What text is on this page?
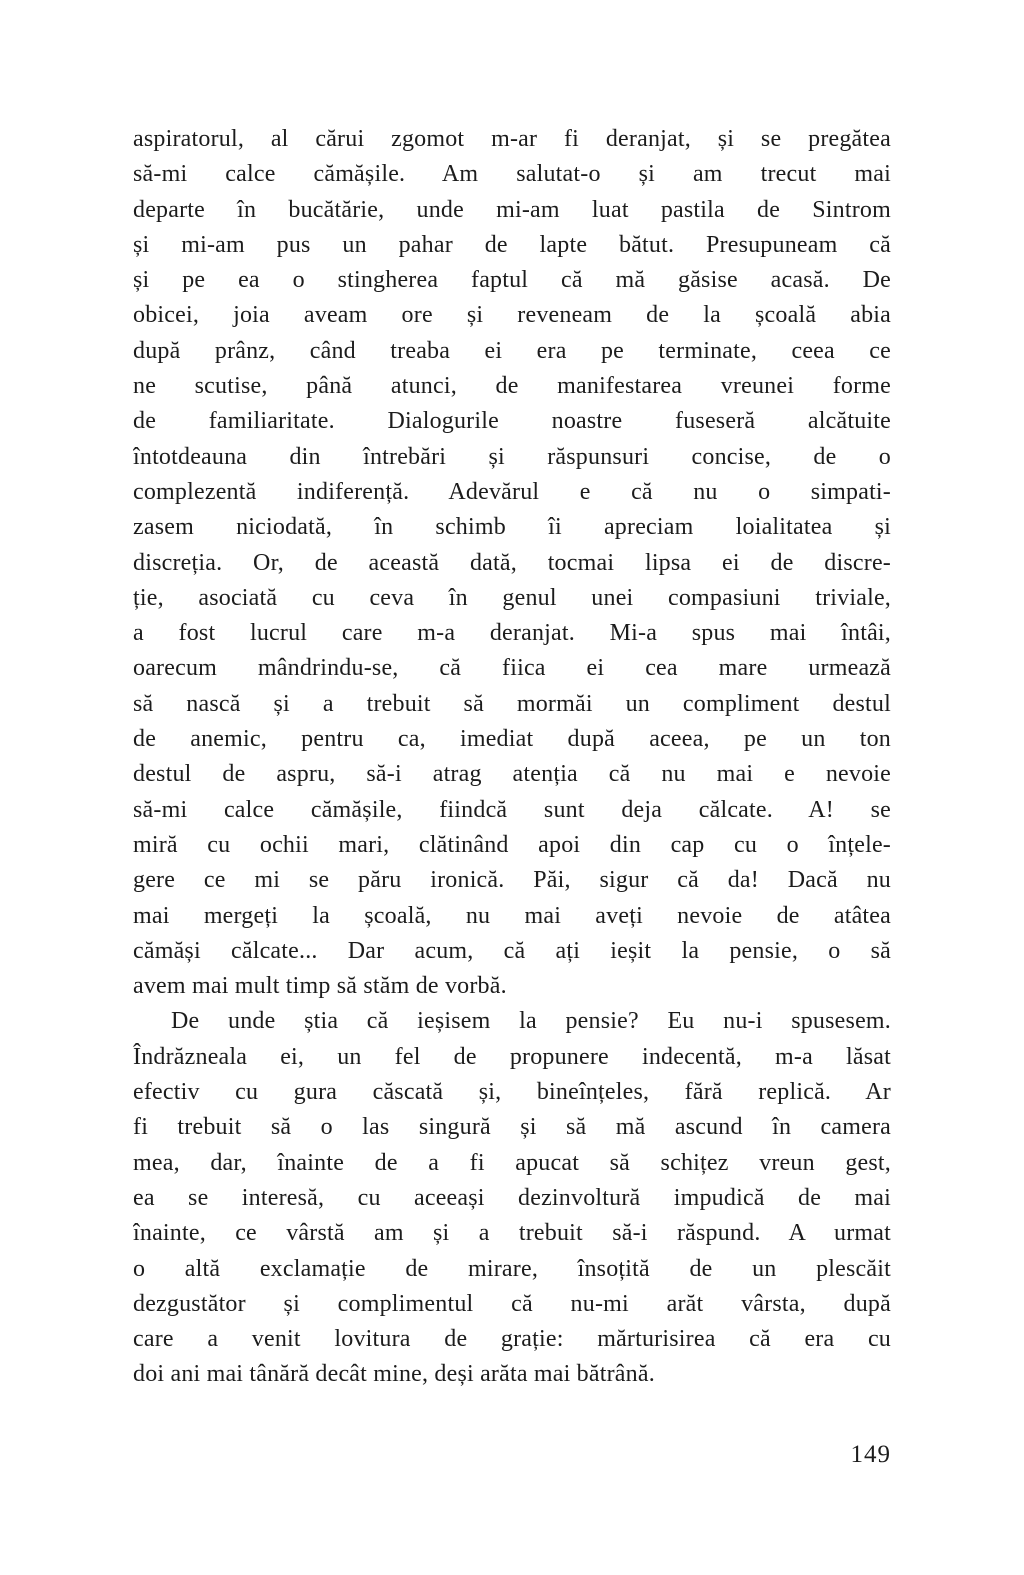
aspiratorul, al cărui zgomot m-ar fi deranjat, și se pregătea
să-mi calce cămășile. Am salutat-o și am trecut mai
departe în bucătărie, unde mi-am luat pastila de Sintrom
și mi-am pus un pahar de lapte bătut. Presupuneam că
și pe ea o stingherea faptul că mă găsise acasă. De
obicei, joia aveam ore și reveneam de la școală abia
după prânz, când treaba ei era pe terminate, ceea ce
ne scutise, până atunci, de manifestarea vreunei forme
de familiaritate. Dialogurile noastre fuseseră alcătuite
întotdeauna din întrebări și răspunsuri concise, de o
complezentă indiferență. Adevărul e că nu o simpati-
zasem niciodată, în schimb îi apreciam loialitatea și
discreția. Or, de această dată, tocmai lipsa ei de discre-
ție, asociată cu ceva în genul unei compasiuni triviale,
a fost lucrul care m-a deranjat. Mi-a spus mai întâi,
oarecum mândrindu-se, că fiica ei cea mare urmează
să nască și a trebuit să mormăi un compliment destul
de anemic, pentru ca, imediat după aceea, pe un ton
destul de aspru, să-i atrag atenția că nu mai e nevoie
să-mi calce cămășile, fiindcă sunt deja călcate. A! se
miră cu ochii mari, clătinând apoi din cap cu o înțele-
gere ce mi se păru ironică. Păi, sigur că da! Dacă nu
mai mergeți la școală, nu mai aveți nevoie de atâtea
cămăși călcate... Dar acum, că ați ieșit la pensie, o să
avem mai mult timp să stăm de vorbă.
De unde știa că ieșisem la pensie? Eu nu-i spusesem.
Îndrăzneala ei, un fel de propunere indecentă, m-a lăsat
efectiv cu gura căscată și, bineînțeles, fără replică. Ar
fi trebuit să o las singură și să mă ascund în camera
mea, dar, înainte de a fi apucat să schițez vreun gest,
ea se interesă, cu aceeași dezinvoltură impudică de mai
înainte, ce vârstă am și a trebuit să-i răspund. A urmat
o altă exclamație de mirare, însoțită de un plescăit
dezgustător și complimentul că nu-mi arăt vârsta, după
care a venit lovitura de grație: mărturisirea că era cu
doi ani mai tânără decât mine, deși arăta mai bătrână.
149
